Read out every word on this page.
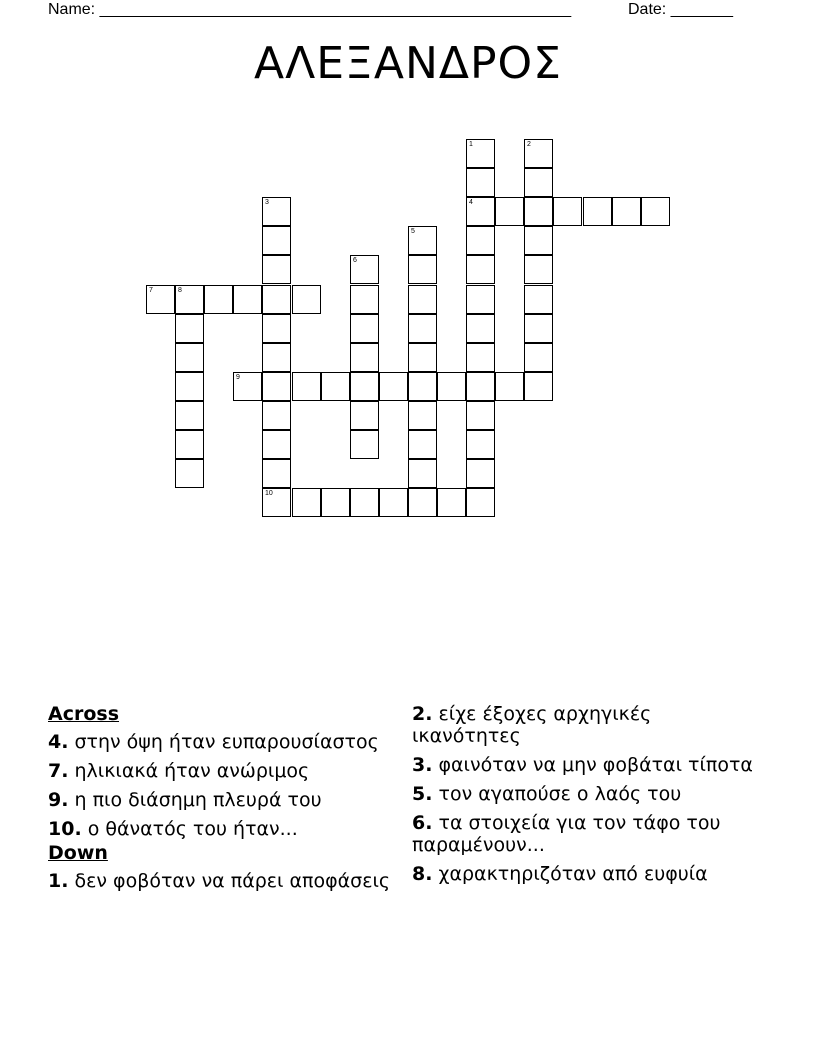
Name: _____________________________________________________	Date: _______
ΑΛΕΞΑΝΔΡΟΣ
1
4
2
3
5
6
7	8
9
10
Across
4. στην όψη ήταν ευπαρουσίαστος
7. ηλικιακά ήταν ανώριμος
9. η πιο διάσημη πλευρά του
10. ο θάνατός του ήταν...
Down
1. δεν φοβόταν να πάρει αποφάσεις
2. είχε έξοχες αρχηγικές ικανότητες
3. φαινόταν να μην φοβάται τίποτα
5. τον αγαπούσε ο λαός του
6. τα στοιχεία για τον τάφο του παραμένουν...
8. χαρακτηριζόταν από ευφυία
